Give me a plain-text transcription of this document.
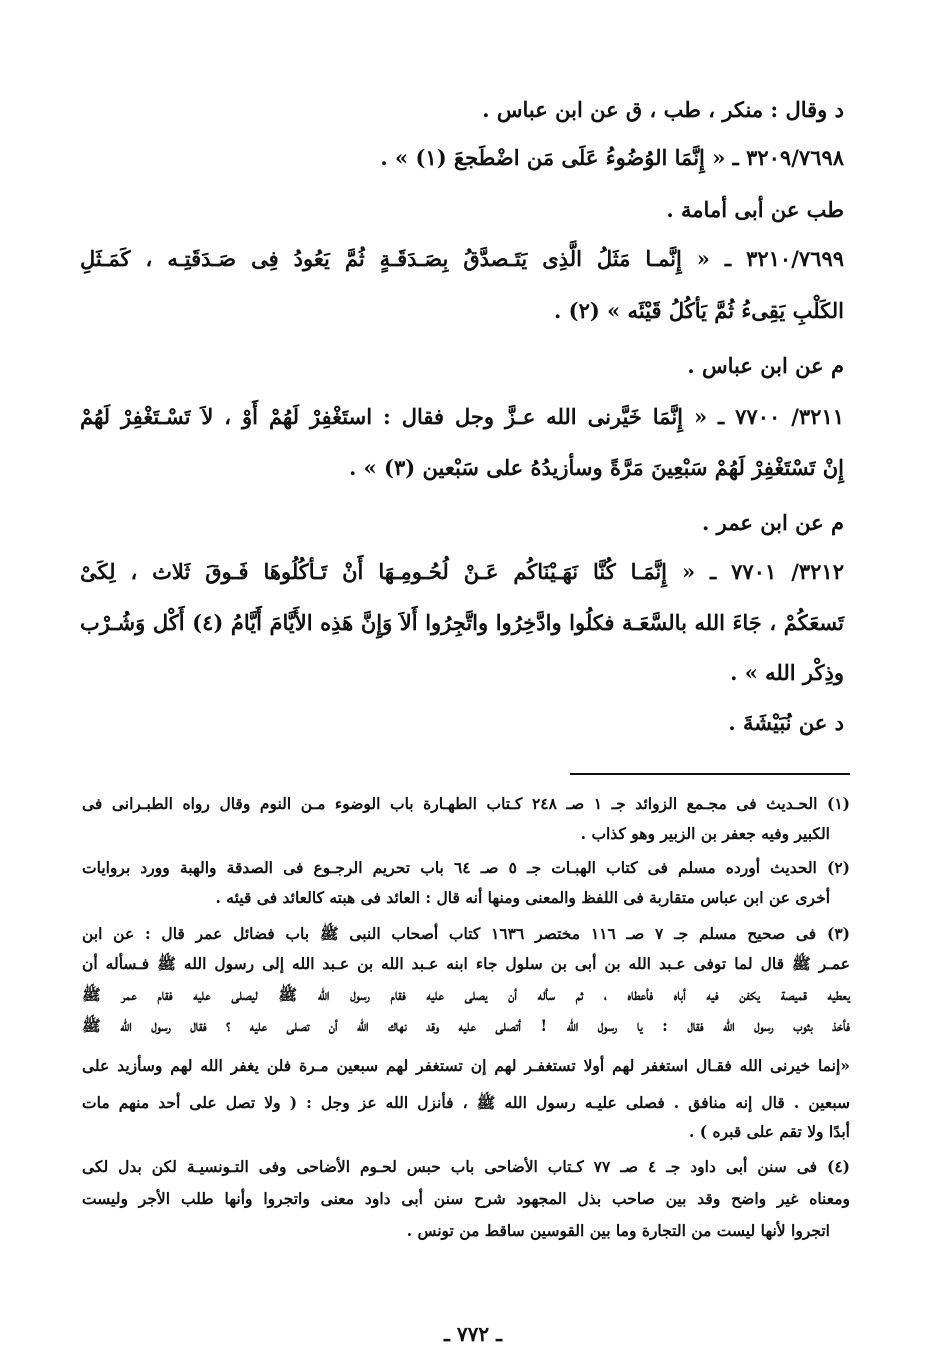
د وقال : منكر ، طب ، ق عن ابن عباس .
٣٢٠٩/٧٦٩٨ ـ « إِنَّمَا الوُضُوءُ عَلَى مَن اضْطَجعَ (١) » .
طب عن أبى أمامة .
٣٢١٠/٧٦٩٩ ـ « إِنَّمـا مَثَلُ الَّذِى يَتَـصدَّقُ بِصَـدَقَـةٍ ثُمَّ يَعُودُ فِى صَـدَقَتِـه ، كَمَـثَلِ
الكَلْبِ يَقِىءُ ثُمَّ يَأكُلُ قَيْئَه » (٢) .
م عن ابن عباس .
٣٢١١/ ٧٧٠٠ ـ « إِنَّمَا خَيَّرنى الله عـزَّ وجل فقال : استَغْفِرْ لَهُمْ أَوْ ، لاَ تَسْـتَغْفِرْ لَهُمْ
إِنْ تَسْتَغْفِرْ لَهُمْ سَبْعِينَ مَرَّةً وسأزيدُهُ على سَبْعين (٣) » .
م عن ابن عمر .
٣٢١٢/ ٧٧٠١ ـ « إِنَّمَـا كُنَّا نَهَـيْنَاكُم عَـنْ لُحُـومِـهَا أَنْ تَـأكُلُوهَا فَـوقَ ثَلاث ، لِكَىْ
تَسعَكُمْ ، جَاءَ الله بالسَّعَـة فكلُوا وادَّخِرُوا واتَّجِرُوا أَلاَ وَإِنَّ هَذِه الأَيَّامَ أَيَّامُ (٤) أَكْل وَشُـرْب
وذِكْر الله » .
د عن نُبَيْشَةَ .
(١) الحـديث فى مجـمع الزوائد جـ ١ صـ ٢٤٨ كـتاب الطهـارة باب الوضوء مـن النوم وقال رواه الطبـرانى فى
الكبير وفيه جعفر بن الزبير وهو كذاب .
(٢) الحديث أورده مسلم فى كتاب الهبـات جـ ٥ صـ ٦٤ باب تحريم الرجـوع فى الصدقة والهبة وورد بروايات
أخرى عن ابن عباس متقاربة فى اللفظ والمعنى ومنها أنه قال : العائد فى هبته كالعائد فى قيئه .
(٣) فى صحيح مسلم جـ ٧ صـ ١١٦ مختصر ١٦٣٦ كتاب أصحاب النبى ﷺ باب فضائل عمر قال : عن ابن
عمـر ﷺ قال لما توفى عـبد الله بن أبى بن سلول جاء ابنه عـبد الله بن عـبد الله إلى رسول الله ﷺ فـسأله أن
يعطيه قميصة يكفن فيه أباه فأعطاه ، ثم سأله أن يصلى عليه فقام رسول الله ﷺ ليصلى عليه فقام عمر ﷺ
فأخذ بثوب رسول الله فقال : يا رسول الله ! أتصلى عليه وقد نهاك الله أن تصلى عليه ؟ فقال رسول الله ﷺ
«إنما خيرنى الله فقـال استغفر لهم أولا تستغفـر لهم إن تستغفر لهم سبعين مـرة فلن يغفر الله لهم وسأزيد على
سبعين . قال إنه منافق . فصلى عليـه رسول الله ﷺ ، فأنزل الله عز وجل : ( ولا تصل على أحد منهم مات
أبدًا ولا تقم على قبره ) .
(٤) فى سنن أبى داود جـ ٤ صـ ٧٧ كـتاب الأضاحى باب حبس لحـوم الأضاحى وفى التـونسيـة لكن بدل لكى
ومعناه غير واضح وقد بين صاحب بذل المجهود شرح سنن أبى داود معنى واتجروا وأنها طلب الأجر وليست
اتجروا لأنها ليست من التجارة وما بين القوسين ساقط من تونس .
ـ ٧٧٢ ـ
